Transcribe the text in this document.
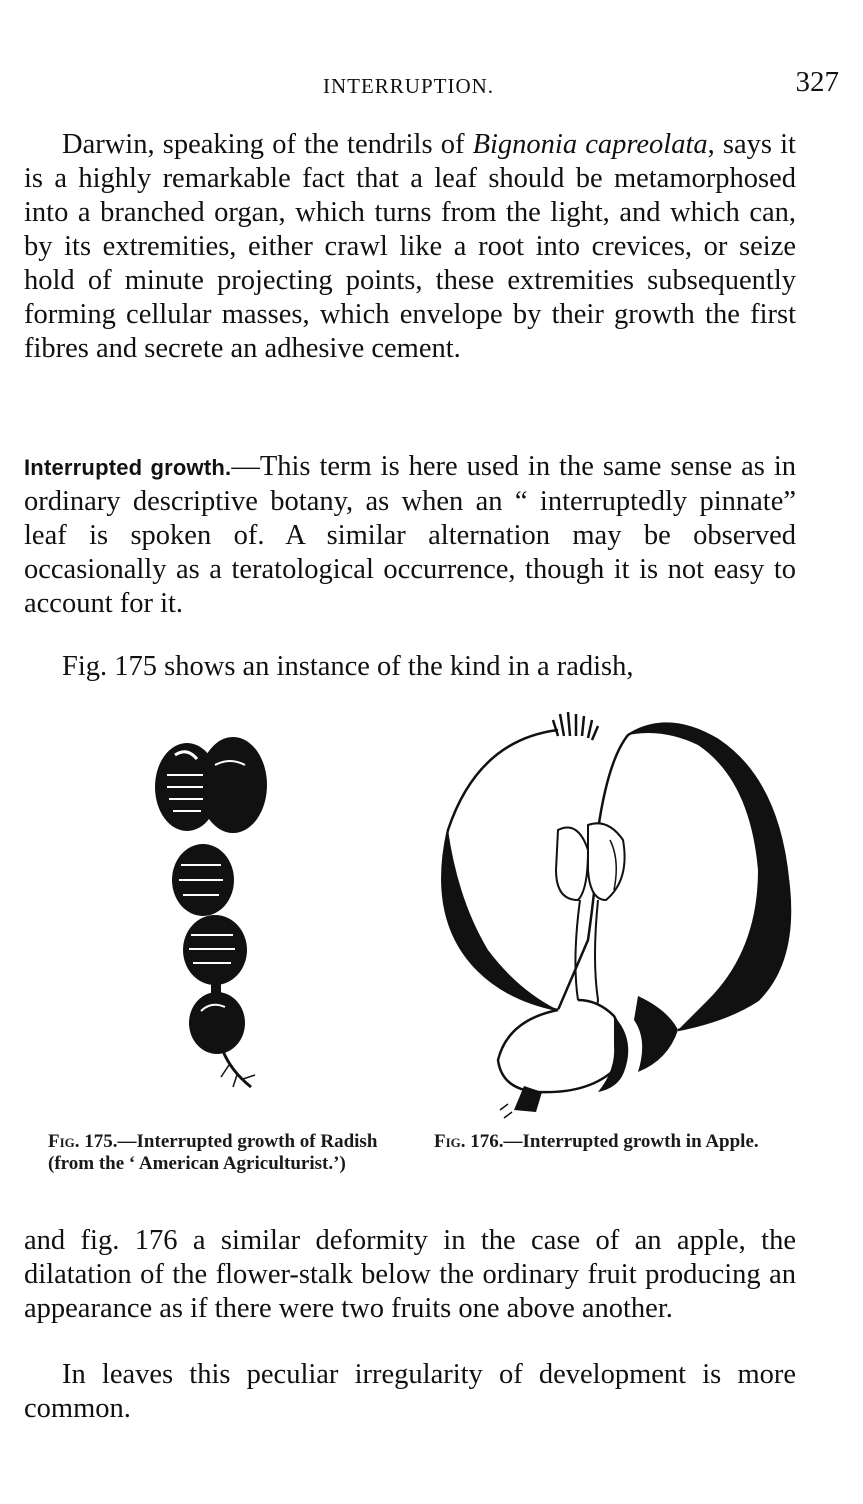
INTERRUPTION.	327

Darwin, speaking of the tendrils of Bignonia capreolata, says it is a highly remarkable fact that a leaf should be metamorphosed into a branched organ, which turns from the light, and which can, by its extremities, either crawl like a root into crevices, or seize hold of minute projecting points, these extremities subsequently forming cellular masses, which envelope by their growth the first fibres and secrete an adhesive cement.

Interrupted growth.—This term is here used in the same sense as in ordinary descriptive botany, as when an “ interruptedly pinnate” leaf is spoken of. A similar alternation may be observed occasionally as a teratological occurrence, though it is not easy to account for it.

Fig. 175 shows an instance of the kind in a radish,

Fig. 175.—Interrupted growth of Radish (from the ‘ American Agriculturist.’)
Fig. 176.—Interrupted growth in Apple.

and fig. 176 a similar deformity in the case of an apple, the dilatation of the flower-stalk below the ordinary fruit producing an appearance as if there were two fruits one above another.

In leaves this peculiar irregularity of development is more common.
